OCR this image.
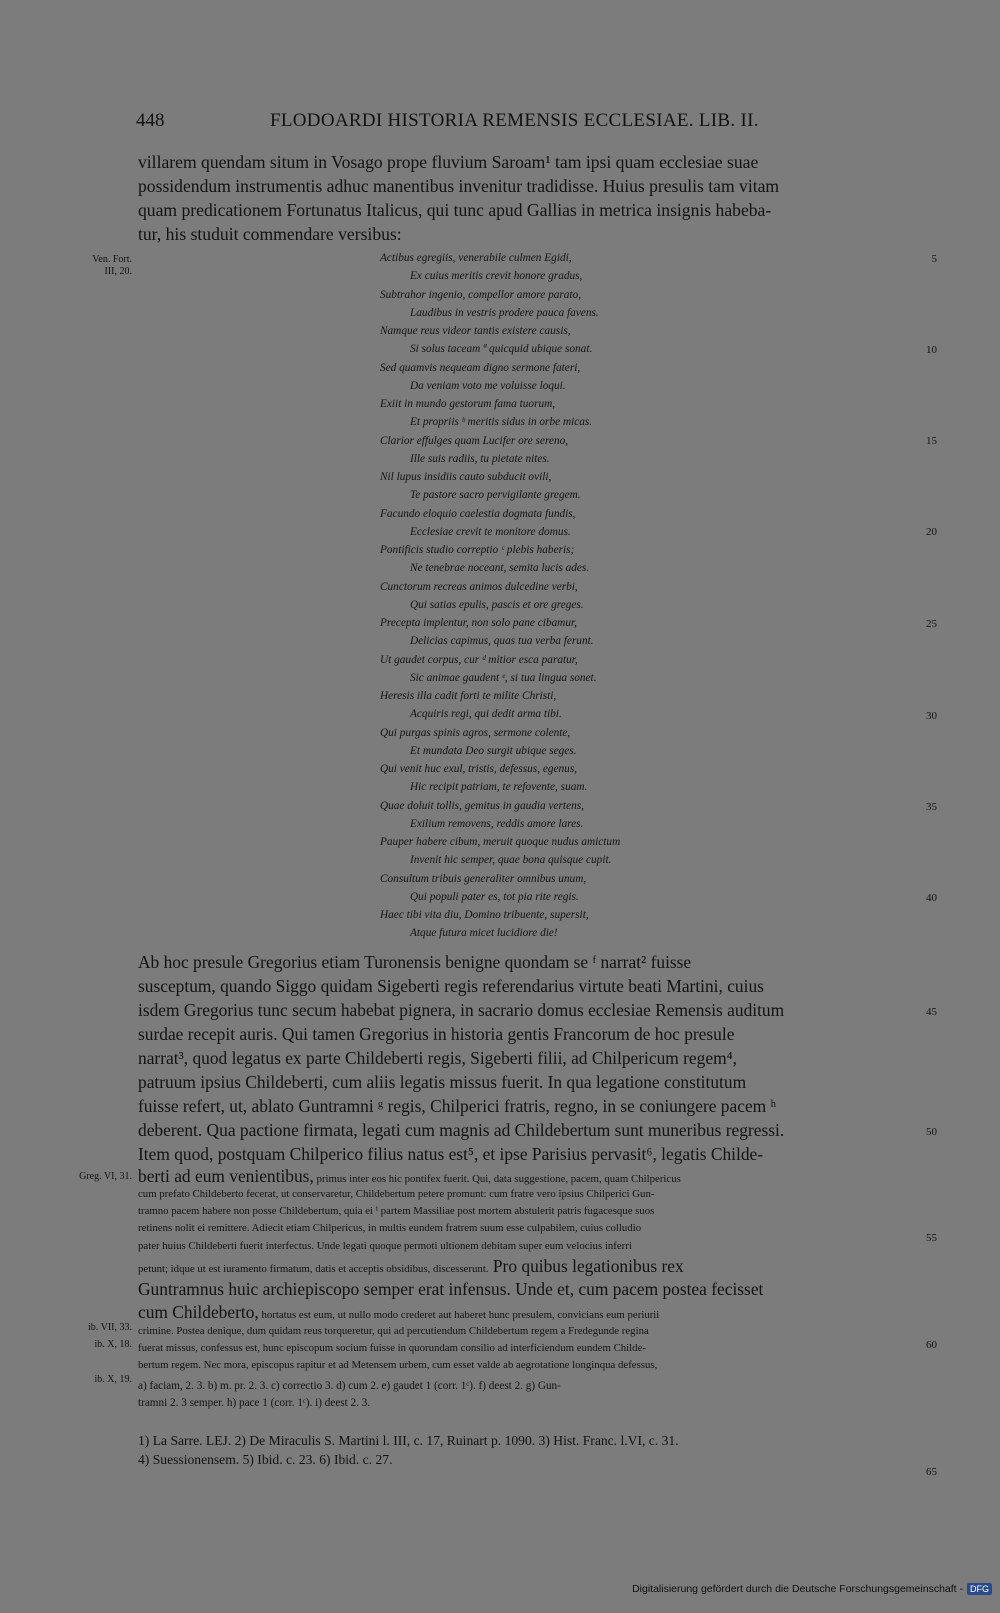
448	FLODOARDI HISTORIA REMENSIS ECCLESIAE. LIB. II.
villarem quendam situm in Vosago prope fluvium Saroam¹ tam ipsi quam ecclesiae suae
possidendum instrumentis adhuc manentibus invenitur tradidisse. Huius presulis tam vitam
quam predicationem Fortunatus Italicus, qui tunc apud Gallias in metrica insignis habeba-
tur, his studuit commendare versibus:
Ven. Fort.
III, 20.
Greg. VI, 31.
ib. VII, 33.
ib. X, 18.
ib. X, 19.
Actibus egregiis, venerabile culmen Egidi,
Ex cuius meritis crevit honore gradus,
Subtrahor ingenio, compellor amore parato,
Laudibus in vestris prodere pauca favens.
Namque reus videor tantis existere causis,
Si solus taceam ª quicquid ubique sonat.
Sed quamvis nequeam digno sermone fateri,
Da veniam voto me voluisse loqui.
Exiit in mundo gestorum fama tuorum,
Et propriis ᵇ meritis sidus in orbe micas.
Clarior effulges quam Lucifer ore sereno,
Ille suis radiis, tu pietate nites.
Nil lupus insidiis cauto subducit ovili,
Te pastore sacro pervigilante gregem.
Facundo eloquio caelestia dogmata fundis,
Ecclesiae crevit te monitore domus.
Pontificis studio correptio ᶜ plebis haberis;
Ne tenebrae noceant, semita lucis ades.
Cunctorum recreas animos dulcedine verbi,
Qui satias epulis, pascis et ore greges.
Precepta implentur, non solo pane cibamur,
Delicias capimus, quas tua verba ferunt.
Ut gaudet corpus, cur ᵈ mitior esca paratur,
Sic animae gaudent ᵉ, si tua lingua sonet.
Heresis illa cadit forti te milite Christi,
Acquiris regi, qui dedit arma tibi.
Qui purgas spinis agros, sermone colente,
Et mundata Deo surgit ubique seges.
Qui venit huc exul, tristis, defessus, egenus,
Hic recipit patriam, te refovente, suam.
Quae doluit tollis, gemitus in gaudia vertens,
Exilium removens, reddis amore lares.
Pauper habere cibum, meruit quoque nudus amictum
Invenit hic semper, quae bona quisque cupit.
Consultum tribuis generaliter omnibus unum,
Qui populi pater es, tot pia rite regis.
Haec tibi vita diu, Domino tribuente, supersit,
Atque futura micet lucidiore die!
5
10
15
20
25
30
35
40
45
50
55
60
65
Ab hoc presule Gregorius etiam Turonensis benigne quondam se ᶠ narrat² fuisse
susceptum, quando Siggo quidam Sigeberti regis referendarius virtute beati Martini, cuius
isdem Gregorius tunc secum habebat pignera, in sacrario domus ecclesiae Remensis auditum
surdae recepit auris. Qui tamen Gregorius in historia gentis Francorum de hoc presule
narrat³, quod legatus ex parte Childeberti regis, Sigeberti filii, ad Chilpericum regem⁴,
patruum ipsius Childeberti, cum aliis legatis missus fuerit. In qua legatione constitutum
fuisse refert, ut, ablato Guntramni ᵍ regis, Chilperici fratris, regno, in se coniungere pacem ʰ
deberent. Qua pactione firmata, legati cum magnis ad Childebertum sunt muneribus regressi.
Item quod, postquam Chilperico filius natus est⁵, et ipse Parisius pervasit⁶, legatis Childe-
berti ad eum venientibus, primus inter eos hic pontifex fuerit. Qui, data suggestione, pacem, quam Chilpericus
cum prefato Childeberto fecerat, ut conservaretur, Childebertum petere promunt: cum fratre vero ipsius Chilperici Gun-
tramno pacem habere non posse Childebertum, quia ei ⁱ partem Massiliae post mortem abstulerit patris fugacesque suos
retinens nolit ei remittere. Adiecit etiam Chilpericus, in multis eundem fratrem suum esse culpabilem, cuius colludio
pater huius Childeberti fuerit interfectus. Unde legati quoque permoti ultionem debitam super eum velocius inferri
petunt; idque ut est iuramento firmatum, datis et acceptis obsidibus, discesserunt. Pro quibus legationibus rex
Guntramnus huic archiepiscopo semper erat infensus. Unde et, cum pacem postea fecisset
cum Childeberto, hortatus est eum, ut nullo modo crederet aut haberet hunc presulem, convicians eum periurii
crimine. Postea denique, dum quidam reus torqueretur, qui ad percutiendum Childebertum regem a Fredegunde regina
fuerat missus, confessus est, hunc episcopum socium fuisse in quorundam consilio ad interficiendum eundem Childe-
bertum regem. Nec mora, episcopus rapitur et ad Metensem urbem, cum esset valde ab aegrotatione longinqua defessus,
a) faciam, 2. 3. b) m. pr. 2. 3. c) correctio 3. d) cum 2. e) gaudet 1 (corr. 1ᶜ). f) deest 2. g) Gun-
tramni 2. 3 semper. h) pace 1 (corr. 1ᶜ). i) deest 2. 3.
1) La Sarre. LEJ. 2) De Miraculis S. Martini l. III, c. 17, Ruinart p. 1090. 3) Hist. Franc. l.VI, c. 31.
4) Suessionensem. 5) Ibid. c. 23. 6) Ibid. c. 27.
Digitalisierung gefördert durch die Deutsche Forschungsgemeinschaft - DFG
